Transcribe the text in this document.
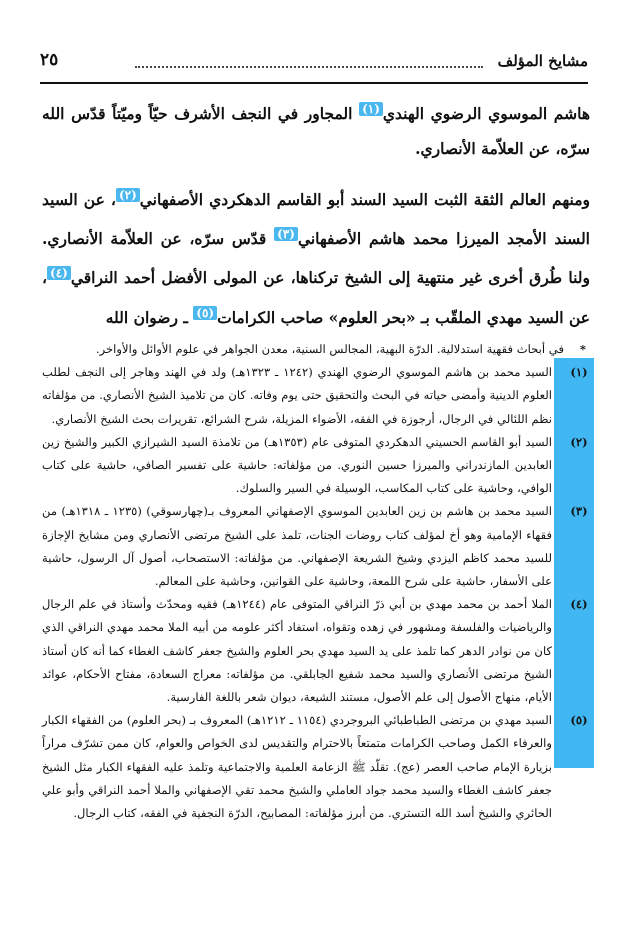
مشايخ المؤلف
٢٥

هاشم الموسوي الرضوي الهندي$^{(١)}$ المجاور في النجف الأشرف حيّاً وميّتاً قدّس الله سرّه، عن العلاّمة الأنصاري.

ومنهم العالم الثقة الثبت السيد السند أبو القاسم الدهكردي الأصفهاني$^{(٢)}$، عن السيد السند الأمجد الميرزا محمد هاشم الأصفهاني$^{(٣)}$ قدّس سرّه، عن العلاّمة الأنصاري. ولنا طُرق أخرى غير منتهية إلى الشيخ تركناها، عن المولى الأفضل أحمد النراقي$^{(٤)}$، عن السيد مهدي الملقّب بـ «بحر العلوم» صاحب الكرامات$^{(٥)}$ ـ رضوان الله

*
في أبحاث فقهية استدلالية. الدرّة البهية، المجالس السنية، معدن الجواهر في علوم الأوائل والأواخر.
(١)
السيد محمد بن هاشم الموسوي الرضوي الهندي (١٢٤٢ ـ ١٣٢٣هـ) ولد في الهند وهاجر إلى النجف لطلب العلوم الدينية وأمضى حياته في البحث والتحقيق حتى يوم وفاته. كان من تلاميذ الشيخ الأنصاري. من مؤلفاته نظم اللئالي في الرجال، أرجوزة في الفقه، الأضواء المزيلة، شرح الشرائع، تقريرات بحث الشيخ الأنصاري.
(٢)
السيد أبو القاسم الحسيني الدهكردي المتوفى عام (١٣٥٣هـ) من تلامذة السيد الشيرازي الكبير والشيخ زين العابدين المازندراني والميرزا حسين النوري. من مؤلفاته: حاشية على تفسير الصافي، حاشية على كتاب الوافي، وحاشية على كتاب المكاسب، الوسيلة في السير والسلوك.
(٣)
السيد محمد بن هاشم بن زين العابدين الموسوي الإصفهاني المعروف بـ(چهارسوقي) (١٢٣٥ ـ ١٣١٨هـ) من فقهاء الإمامية وهو أخ لمؤلف كتاب روضات الجنات، تلمذ على الشيخ مرتضى الأنصاري ومن مشايخ الإجازة للسيد محمد كاظم اليزدي وشيخ الشريعة الإصفهاني. من مؤلفاته: الاستصحاب، أصول آل الرسول، حاشية على الأسفار، حاشية على شرح اللمعة، وحاشية على القوانين، وحاشية على المعالم.
(٤)
الملا أحمد بن محمد مهدي بن أبي ذرّ النراقي المتوفى عام (١٢٤٤هـ) فقيه ومحدّث وأستاذ في علم الرجال والرياضيات والفلسفة ومشهور في زهده وتقواه، استفاد أكثر علومه من أبيه الملا محمد مهدي النراقي الذي كان من نوادر الدهر كما تلمذ على يد السيد مهدي بحر العلوم والشيخ جعفر كاشف الغطاء كما أنه كان أستاذ الشيخ مرتضى الأنصاري والسيد محمد شفيع الجابلقي. من مؤلفاته: معراج السعادة، مفتاح الأحكام، عوائد الأيام، منهاج الأصول إلى علم الأصول، مستند الشيعة، ديوان شعر باللغة الفارسية.
(٥)
السيد مهدي بن مرتضى الطباطبائي البروجردي (١١٥٤ ـ ١٢١٢هـ) المعروف بـ (بحر العلوم) من الفقهاء الكبار والعرفاء الكمل وصاحب الكرامات متمتعاً بالاحترام والتقديس لدى الخواص والعوام، كان ممن تشرّف مراراً بزيارة الإمام صاحب العصر (عج). تقلّد ﷺ الزعامة العلمية والاجتماعية وتلمذ عليه الفقهاء الكبار مثل الشيخ جعفر كاشف الغطاء والسيد محمد جواد العاملي والشيخ محمد تقي الإصفهاني والملا أحمد النراقي وأبو علي الحائري والشيخ أسد الله التستري. من أبرز مؤلفاته: المصابيح، الدرّة النجفية في الفقه، كتاب الرجال.
